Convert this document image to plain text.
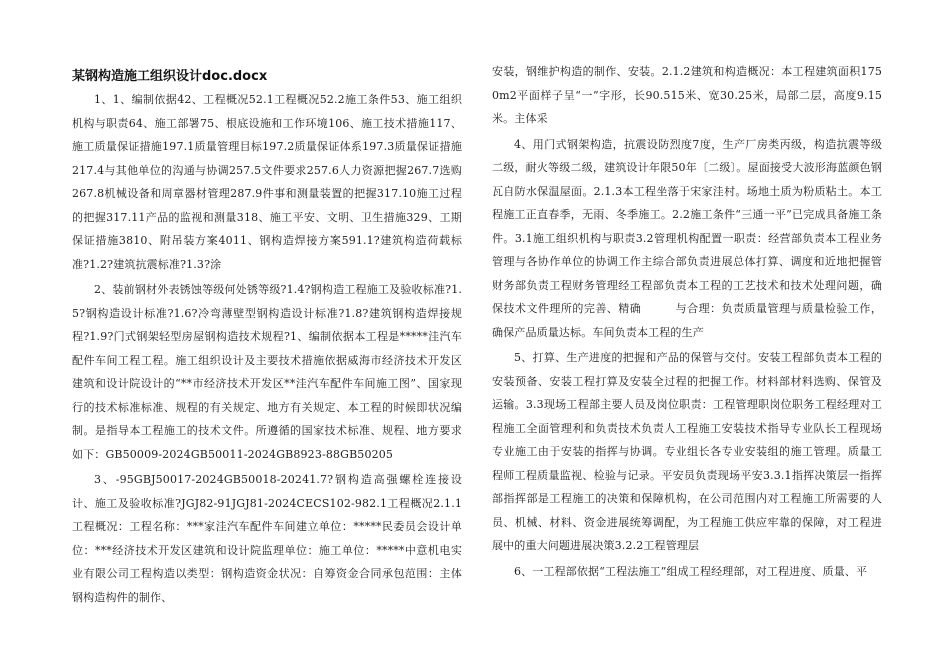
某钢构造施工组织设计doc.docx

1、1、编制依据42、工程概况52.1工程概况52.2施工条件53、施工组织机构与职责64、施工部署75、根底设施和工作环境106、施工技术措施117、施工质量保证措施197.1质量管理目标197.2质量保证体系197.3质量保证措施217.4与其他单位的沟通与协调257.5文件要求257.6人力资源把握267.7选购267.8机械设备和周章器材管理287.9件事和测量装置的把握317.10施工过程的把握317.11产品的监视和测量318、施工平安、文明、卫生措施329、工期保证措施3810、附吊装方案4011、钢构造焊接方案591.1?建筑构造荷载标准?1.2?建筑抗震标准?1.3?涂

2、装前钢材外表锈蚀等级何处锈等级?1.4?钢构造工程施工及验收标准?1.5?钢构造设计标准?1.6?冷弯薄壁型钢构造设计标准?1.8?建筑钢构造焊接规程?1.9?门式钢架轻型房屋钢构造技术规程?1、编制依据本工程是*****洼汽车配件车间工程工程。施工组织设计及主要技术措施依据威海市经济技术开发区建筑和设计院设计的“**市经济技术开发区**洼汽车配件车间施工图”、国家现行的技术标准标准、规程的有关规定、地方有关规定、本工程的时候即状况编制。是指导本工程施工的技术文件。所遵循的国家技术标准、规程、地方要求如下：GB50009-2024GB50011-2024GB8923-88GB50205

3、-95GBJ50017-2024GB50018-20241.7?钢构造高强螺栓连接设计、施工及验收标准?JGJ82-91JGJ81-2024CECS102-982.1工程概况2.1.1工程概况：工程名称：***家洼汽车配件车间建立单位：*****民委员会设计单位：***经济技术开发区建筑和设计院监理单位：施工单位：*****中意机电实业有限公司工程构造以类型：钢构造资金状况：自筹资金合同承包范围：主体钢构造构件的制作、

安装，钢维护构造的制作、安装。2.1.2建筑和构造概况：本工程建筑面积1750m2平面样子呈“一”字形，长90.515米、宽30.25米，局部二层，高度9.15米。主体采

4、用门式钢架构造，抗震设防烈度7度，生产厂房类丙级，构造抗震等级二级，耐火等级二级，建筑设计年限50年〔二级〕。屋面接受大波形海蓝颜色钢瓦自防水保温屋面。2.1.3本工程坐落于宋家洼村。场地土质为粉质粘土。本工程施工正直春季，无雨、冬季施工。2.2施工条件“三通一平”已完成具备施工条件。3.1施工组织机构与职责3.2管理机构配置一职责：经营部负责本工程业务管理与各协作单位的协调工作主综合部负责进展总体打算、调度和近地把握管财务部负责工程财务管理经工程部负责本工程的工艺技术和技术处理问题，确保技术文件理所的完善、精确　　　与合理：负责质量管理与质量检验工作，确保产品质量达标。车间负责本工程的生产

5、打算、生产进度的把握和产品的保管与交付。安装工程部负责本工程的安装预备、安装工程打算及安装全过程的把握工作。材料部材料选购、保管及运输。3.3现场工程部主要人员及岗位职责：工程管理职岗位职务工程经理对工程施工全面管理利和负责技术负责人工程施工安装技术指导专业队长工程现场专业施工由于安装的指挥与协调。专业组长各专业安装组的施工管理。质量工程师工程质量监视、检验与记录。平安员负责现场平安3.3.1指挥决策层一指挥部指挥部是工程施工的决策和保障机构，在公司范围内对工程施工所需要的人员、机械、材料、资金进展统筹调配，为工程施工供应牢靠的保障，对工程进展中的重大问题进展决策3.2.2工程管理层

6、一工程部依据“工程法施工”组成工程经理部，对工程进度、质量、平
